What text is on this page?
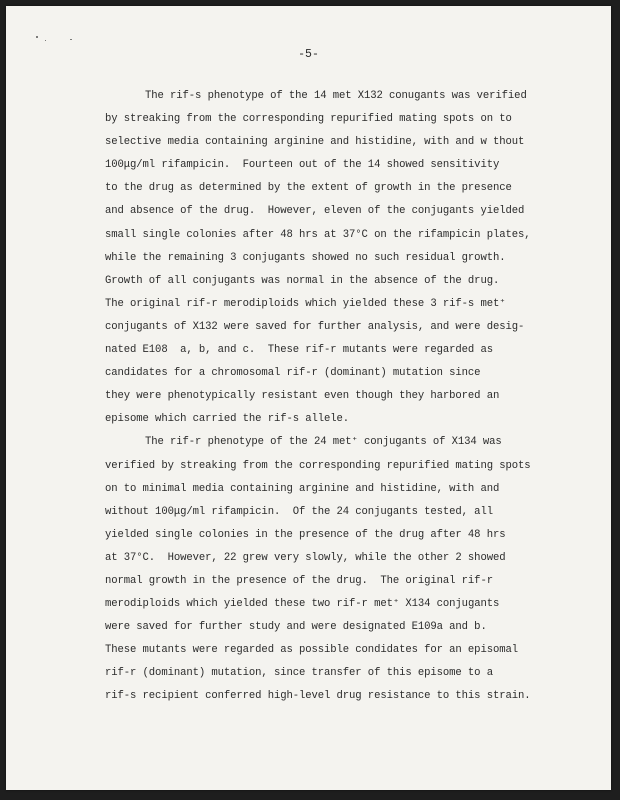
-5-
The rif-s phenotype of the 14 met X132 conugants was verified
by streaking from the corresponding repurified mating spots on to
selective media containing arginine and histidine, with and w thout
100μg/ml rifampicin.  Fourteen out of the 14 showed sensitivity
to the drug as determined by the extent of growth in the presence
and absence of the drug.  However, eleven of the conjugants yielded
small single colonies after 48 hrs at 37°C on the rifampicin plates,
while the remaining 3 conjugants showed no such residual growth.
Growth of all conjugants was normal in the absence of the drug.
The original rif-r merodiploids which yielded these 3 rif-s met⁺
conjugants of X132 were saved for further analysis, and were desig-
nated E108  a, b, and c.  These rif-r mutants were regarded as
candidates for a chromosomal rif-r (dominant) mutation since
they were phenotypically resistant even though they harbored an
episome which carried the rif-s allele.
The rif-r phenotype of the 24 met⁺ conjugants of X134 was
verified by streaking from the corresponding repurified mating spots
on to minimal media containing arginine and histidine, with and
without 100μg/ml rifampicin.  Of the 24 conjugants tested, all
yielded single colonies in the presence of the drug after 48 hrs
at 37°C.  However, 22 grew very slowly, while the other 2 showed
normal growth in the presence of the drug.  The original rif-r
merodiploids which yielded these two rif-r met⁺ X134 conjugants
were saved for further study and were designated E109a and b.
These mutants were regarded as possible condidates for an episomal
rif-r (dominant) mutation, since transfer of this episome to a
rif-s recipient conferred high-level drug resistance to this strain.
